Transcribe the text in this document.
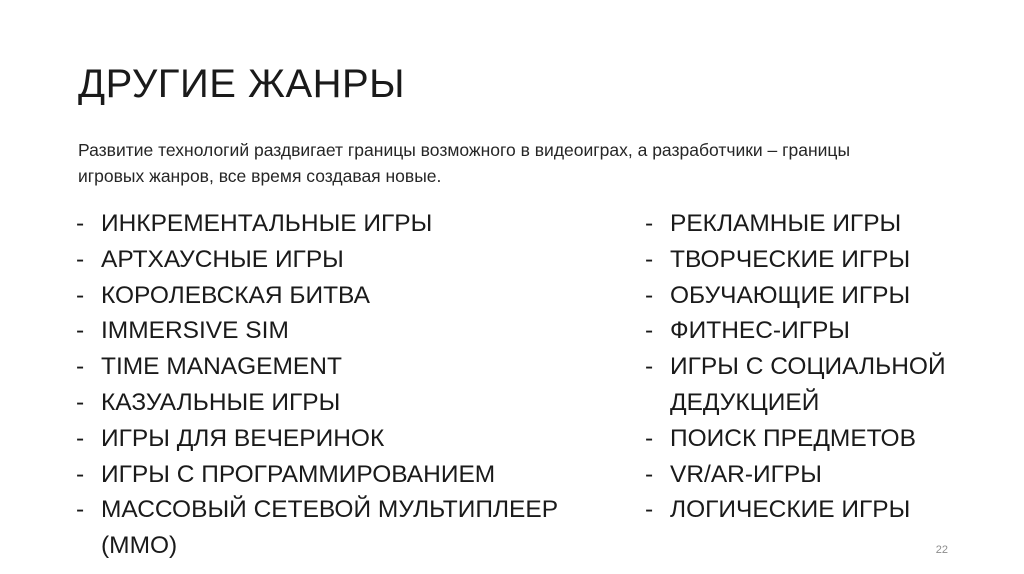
ДРУГИЕ ЖАНРЫ
Развитие технологий раздвигает границы возможного в видеоиграх, а разработчики – границы
игровых жанров, все время создавая новые.
- ИНКРЕМЕНТАЛЬНЫЕ ИГРЫ
- АРТХАУСНЫЕ ИГРЫ
- КОРОЛЕВСКАЯ БИТВА
- IMMERSIVE SIM
- TIME MANAGEMENT
- КАЗУАЛЬНЫЕ ИГРЫ
- ИГРЫ ДЛЯ ВЕЧЕРИНОК
- ИГРЫ С ПРОГРАММИРОВАНИЕМ
- МАССОВЫЙ СЕТЕВОЙ МУЛЬТИПЛЕЕР
(MMO)
- РЕКЛАМНЫЕ ИГРЫ
- ТВОРЧЕСКИЕ ИГРЫ
- ОБУЧАЮЩИЕ ИГРЫ
- ФИТНЕС-ИГРЫ
- ИГРЫ С СОЦИАЛЬНОЙ
ДЕДУКЦИЕЙ
- ПОИСК ПРЕДМЕТОВ
- VR/AR-ИГРЫ
- ЛОГИЧЕСКИЕ ИГРЫ
22
